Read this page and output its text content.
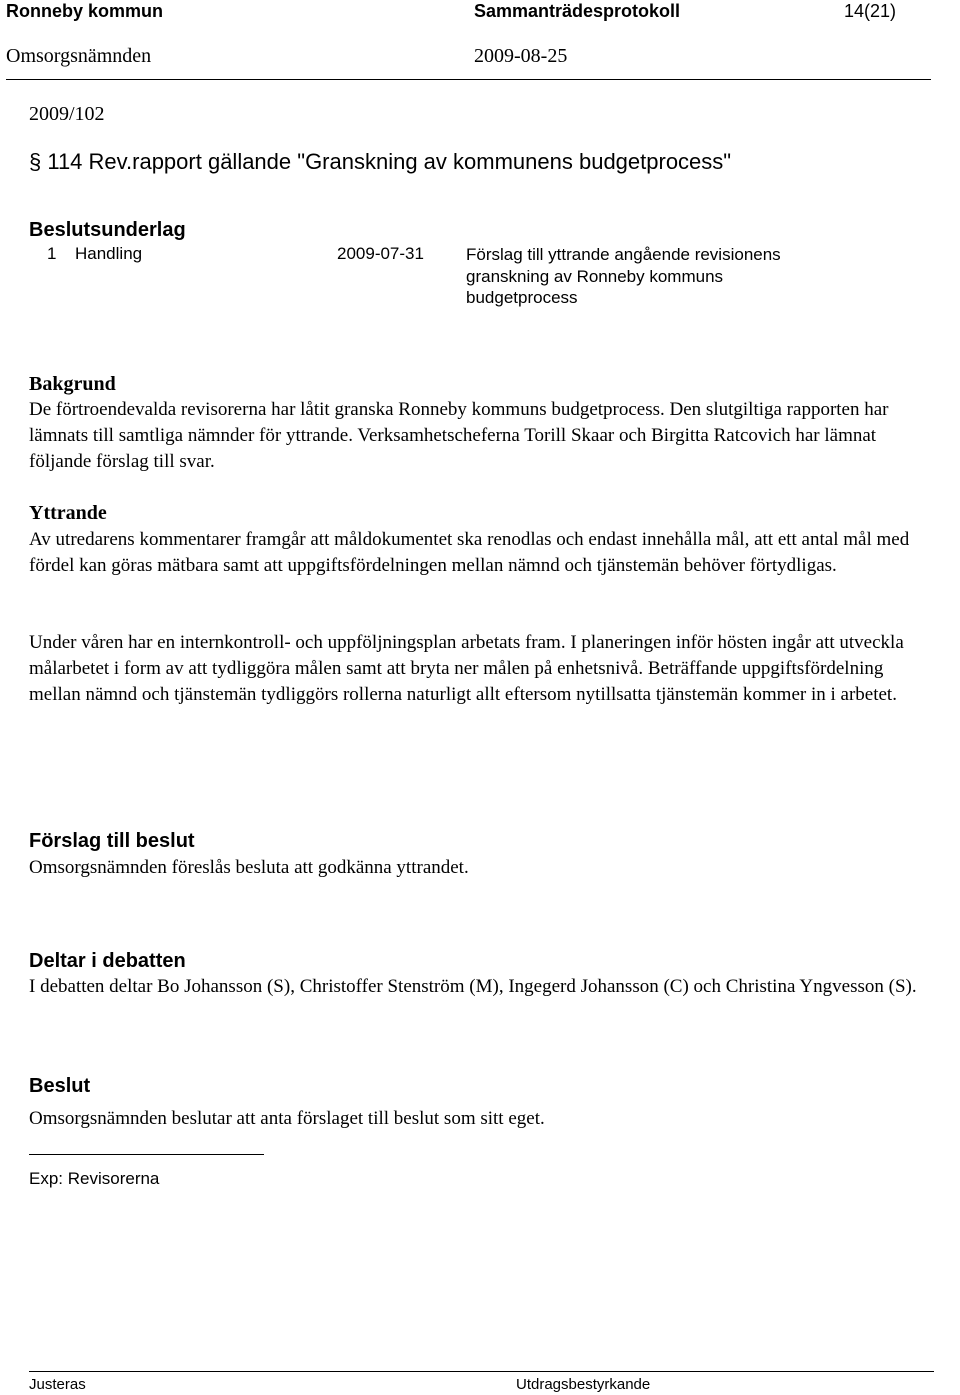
Ronneby kommun	Sammanträdesprotokoll	14(21)
Omsorgsnämnden	2009-08-25
2009/102
§ 114 Rev.rapport gällande "Granskning av kommunens budgetprocess"
Beslutsunderlag
1 Handling	2009-07-31 Förslag till yttrande angående revisionens granskning av Ronneby kommuns budgetprocess
Bakgrund
De förtroendevalda revisorerna har låtit granska Ronneby kommuns budgetprocess. Den slutgiltiga rapporten har lämnats till samtliga nämnder för yttrande. Verksamhetscheferna Torill Skaar och Birgitta Ratcovich har lämnat följande förslag till svar.
Yttrande
Av utredarens kommentarer framgår att måldokumentet ska renodlas och endast innehålla mål, att ett antal mål med fördel kan göras mätbara samt att uppgiftsfördelningen mellan nämnd och tjänstemän behöver förtydligas.
Under våren har en internkontroll- och uppföljningsplan arbetats fram. I planeringen inför hösten ingår att utveckla målarbetet i form av att tydliggöra målen samt att bryta ner målen på enhetsnivå. Beträffande uppgiftsfördelning mellan nämnd och tjänstemän tydliggörs rollerna naturligt allt eftersom nytillsatta tjänstemän kommer in i arbetet.
Förslag till beslut
Omsorgsnämnden föreslås besluta att godkänna yttrandet.
Deltar i debatten
I debatten deltar Bo Johansson (S), Christoffer Stenström (M), Ingegerd Johansson (C) och Christina Yngvesson (S).
Beslut
Omsorgsnämnden beslutar att anta förslaget till beslut som sitt eget.
Exp: Revisorerna
Justeras	Utdragsbestyrkande
